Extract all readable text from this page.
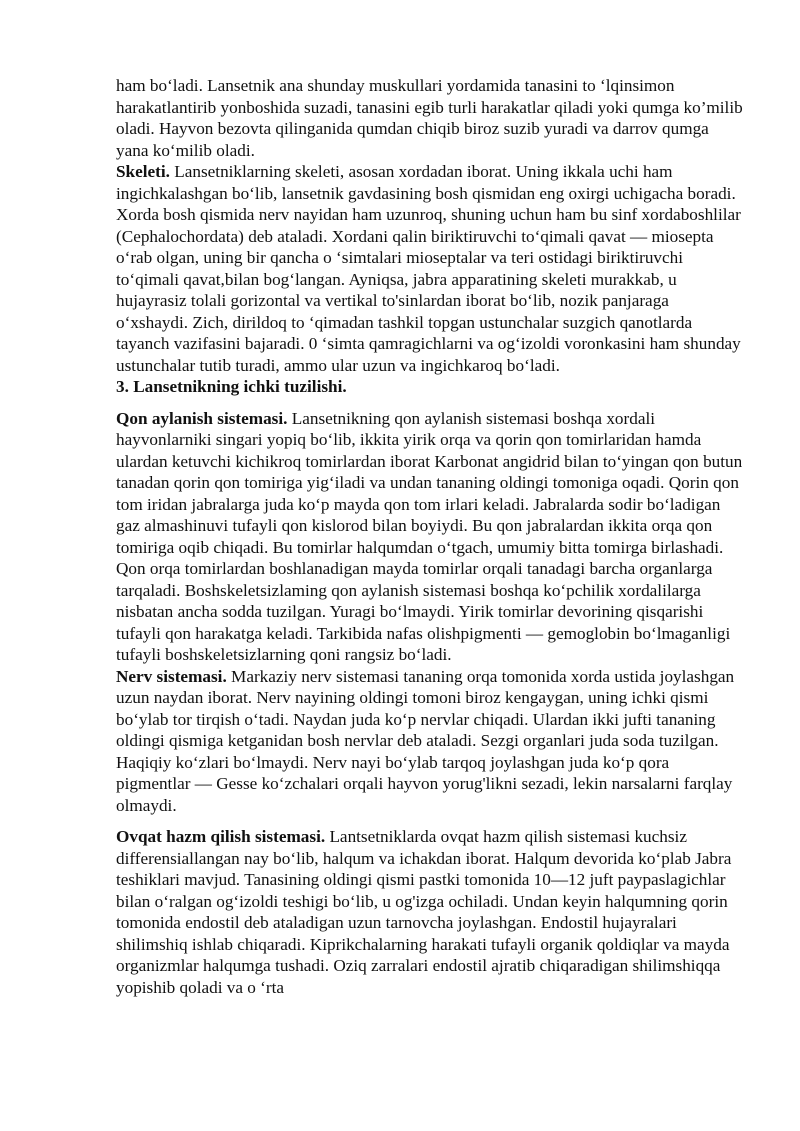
ham bo‘ladi. Lansetnik ana shunday muskullari yordamida tanasini to ‘lqinsimon harakatlantirib yonboshida suzadi, tanasini egib turli harakatlar qiladi yoki qumga ko’milib oladi. Hayvon bezovta qilinganida qumdan chiqib biroz suzib yuradi va darrov qumga yana ko‘milib oladi.

Skeleti. Lansetniklarning skeleti, asosan xordadan iborat. Uning ikkala uchi ham ingichkalashgan bo‘lib, lansetnik gavdasining bosh qismidan eng oxirgi uchigacha boradi. Xorda bosh qismida nerv nayidan ham uzunroq, shuning uchun ham bu sinf xordaboshlilar (Cephalochordata) deb ataladi. Xordani qalin biriktiruvchi to‘qimali qavat — miosepta o‘rab olgan, uning bir qancha o ‘simtalari mioseptalar va teri ostidagi biriktiruvchi to‘qimali qavat,bilan bog‘langan. Ayniqsa, jabra apparatining skeleti murakkab, u hujayrasiz tolali gorizontal va vertikal to'sinlardan iborat bo‘lib, nozik panjaraga o‘xshaydi. Zich, dirildoq to ‘qimadan tashkil topgan ustunchalar suzgich qanotlarda tayanch vazifasini bajaradi. 0 ‘simta qamragichlarni va og‘izoldi voronkasini ham shunday ustunchalar tutib turadi, ammo ular uzun va ingichkaroq bo‘ladi.

3. Lansetnikning ichki tuzilishi.

Qon aylanish sistemasi. Lansetnikning qon aylanish sistemasi boshqa xordali hayvonlarniki singari yopiq bo‘lib, ikkita yirik orqa va qorin qon tomirlaridan hamda ulardan ketuvchi kichikroq tomirlardan iborat Karbonat angidrid bilan to‘yingan qon butun tanadan qorin qon tomiriga yig‘iladi va undan tananing oldingi tomoniga oqadi. Qorin qon tom iridan jabralarga juda ko‘p mayda qon tom irlari keladi. Jabralarda sodir bo‘ladigan gaz almashinuvi tufayli qon kislorod bilan boyiydi. Bu qon jabralardan ikkita orqa qon tomiriga oqib chiqadi. Bu tomirlar halqumdan o‘tgach, umumiy bitta tomirga birlashadi. Qon orqa tomirlardan boshlanadigan mayda tomirlar orqali tanadagi barcha organlarga tarqaladi. Boshskeletsizlaming qon aylanish sistemasi boshqa ko‘pchilik xordalilarga nisbatan ancha sodda tuzilgan. Yuragi bo‘lmaydi. Yirik tomirlar devorining qisqarishi tufayli qon harakatga keladi. Tarkibida nafas olishpigmenti — gemoglobin bo‘lmaganligi tufayli boshskeletsizlarning qoni rangsiz bo‘ladi.

Nerv sistemasi. Markaziy nerv sistemasi tananing orqa tomonida xorda ustida joylashgan uzun naydan iborat. Nerv nayining oldingi tomoni biroz kengaygan, uning ichki qismi bo‘ylab tor tirqish o‘tadi. Naydan juda ko‘p nervlar chiqadi. Ulardan ikki jufti tananing oldingi qismiga ketganidan bosh nervlar deb ataladi. Sezgi organlari juda soda tuzilgan. Haqiqiy ko‘zlari bo‘lmaydi. Nerv nayi bo‘ylab tarqoq joylashgan juda ko‘p qora pigmentlar — Gesse ko‘zchalari orqali hayvon yorug'likni sezadi, lekin narsalarni farqlay olmaydi.

Ovqat hazm qilish sistemasi. Lantsetniklarda ovqat hazm qilish sistemasi kuchsiz differensiallangan nay bo‘lib, halqum va ichakdan iborat. Halqum devorida ko‘plab Jabra teshiklari mavjud. Tanasining oldingi qismi pastki tomonida 10—12 juft paypaslagichlar bilan o‘ralgan og‘izoldi teshigi bo‘lib, u og'izga ochiladi. Undan keyin halqumning qorin tomonida endostil deb ataladigan uzun tarnovcha joylashgan. Endostil hujayralari shilimshiq ishlab chiqaradi. Kiprikchalarning harakati tufayli organik qoldiqlar va mayda organizmlar halqumga tushadi. Oziq zarralari endostil ajratib chiqaradigan shilimshiqqa yopishib qoladi va o ‘rta
